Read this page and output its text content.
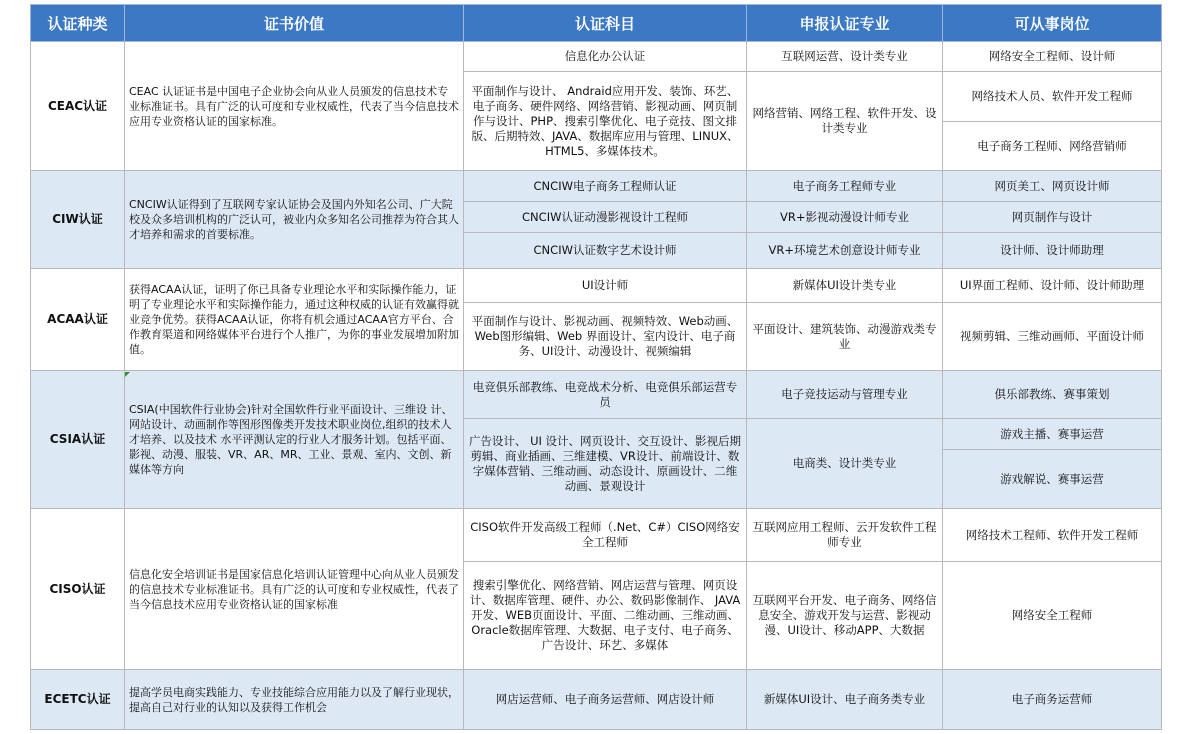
认证种类	证书价值	认证科目	申报认证专业	可从事岗位
CEAC认证	CEAC 认证证书是中国电子企业协会向从业人员颁发的信息技术专业标准证书。具有广泛的认可度和专业权威性，代表了当今信息技术应用专业资格认证的国家标准。	信息化办公认证	互联网运营、设计类专业	网络安全工程师、设计师
		平面制作与设计、 Andraid应用开发、装饰、环艺、电子商务、硬件网络、网络营销、影视动画、网页制作与设计、PHP、搜索引擎优化、电子竞技、图文排版、后期特效、JAVA、数据库应用与管理、LINUX、 HTML5、多媒体技术。	网络营销、网络工程、软件开发、设计类专业	网络技术人员、软件开发工程师
				电子商务工程师、网络营销师
CIW认证	CNCIW认证得到了互联网专家认证协会及国内外知名公司、广大院校及众多培训机构的广泛认可，被业内众多知名公司推荐为符合其人才培养和需求的首要标准。	CNCIW电子商务工程师认证	电子商务工程师专业	网页美工、网页设计师
		CNCIW认证动漫影视设计工程师	VR+影视动漫设计师专业	网页制作与设计
		CNCIW认证数字艺术设计师	VR+环境艺术创意设计师专业	设计师、设计师助理
ACAA认证	获得ACAA认证，证明了你已具备专业理论水平和实际操作能力，证明了专业理论水平和实际操作能力，通过这种权威的认证有效赢得就业竞争优势。获得ACAA认证，你将有机会通过ACAA官方平台、合作教育渠道和网络媒体平台进行个人推广，为你的事业发展增加附加值。	UI设计师	新媒体UI设计类专业	UI界面工程师、设计师、设计师助理
		平面制作与设计、影视动画、视频特效、Web动画、Web图形编辑、Web 界面设计、室内设计、电子商务、UI设计、动漫设计、视频编辑	平面设计、建筑装饰、动漫游戏类专业	视频剪辑、三维动画师、平面设计师
CSIA认证	CSIA(中国软件行业协会)针对全国软件行业平面设计、三维设 计、网站设计、动画制作等图形图像类开发技术职业岗位,组织的技术人才培养、以及技术 水平评测认定的行业人才服务计划。包括平面、影视、动漫、服装、VR、AR、MR、工业、景观、室内、文创、新媒体等方向	电竞俱乐部教练、电竞战术分析、电竞俱乐部运营专员	电子竞技运动与管理专业	俱乐部教练、赛事策划
		广告设计、 UI 设计、网页设计、交互设计、影视后期剪辑、商业插画、三维建模、VR设计、前端设计、数字媒体营销、三维动画、动态设计、原画设计、二维动画、景观设计	电商类、设计类专业	游戏主播、赛事运营
				游戏解说、赛事运营
CISO认证	信息化安全培训证书是国家信息化培训认证管理中心向从业人员颁发的信息技术专业标准证书。具有广泛的认可度和专业权威性，代表了当今信息技术应用专业资格认证的国家标准	CISO软件开发高级工程师（.Net、C#）CISO网络安全工程师	互联网应用工程师、云开发软件工程师专业	网络技术工程师、软件开发工程师
		搜索引擎优化、网络营销、网店运营与管理、网页设计、数据库管理、硬件、办公、数码影像制作、 JAVA开发、WEB页面设计、平面、二维动画、三维动画、Oracle数据库管理、大数据、电子支付、电子商务、广告设计、环艺、多媒体	互联网平台开发、电子商务、网络信息安全、游戏开发与运营、影视动漫、UI设计、移动APP、大数据	网络安全工程师
ECETC认证	提高学员电商实践能力、专业技能综合应用能力以及了解行业现状，提高自己对行业的认知以及获得工作机会	网店运营师、电子商务运营师、网店设计师	新媒体UI设计、电子商务类专业	电子商务运营师
